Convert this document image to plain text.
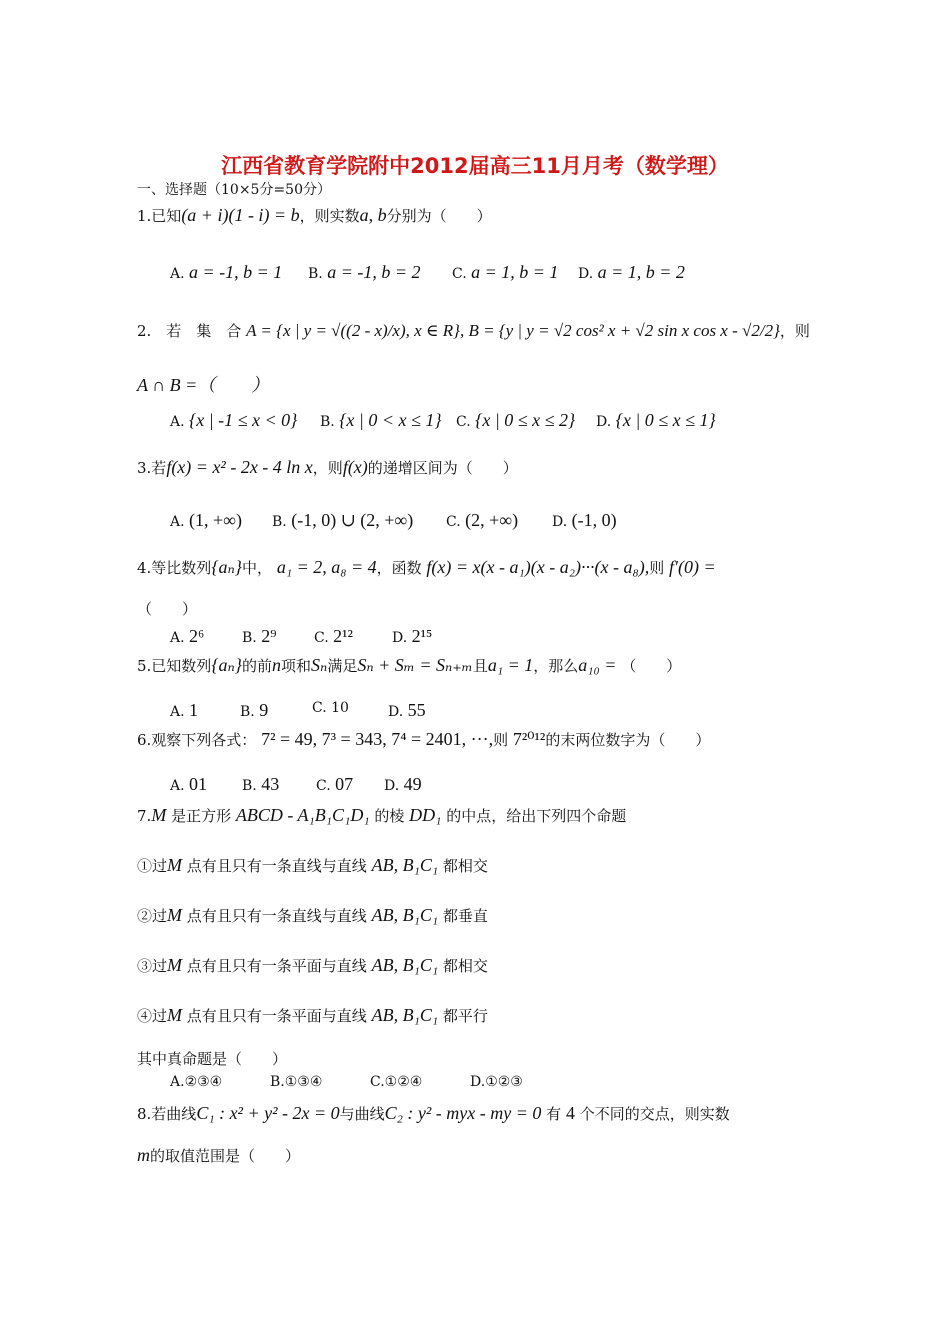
江西省教育学院附中2012届高三11月月考（数学理）
一、选择题（10×5分=50分）
1.已知(a + i)(1 - i) = b，则实数a, b分别为（　　）
A. a = -1, b = 1 B. a = -1, b = 2 C. a = 1, b = 1 D. a = 1, b = 2
2.　若　集　合 A = {x | y = √((2 - x)/x), x ∈ R}, B = {y | y = √2 cos² x + √2 sin x cos x - √2/2}，则
A ∩ B =（　　）
A. {x | -1 ≤ x < 0} B. {x | 0 < x ≤ 1} C. {x | 0 ≤ x ≤ 2} D. {x | 0 ≤ x ≤ 1}
3.若f(x) = x² - 2x - 4 ln x，则f(x)的递增区间为（　　）
A. (1, +∞) B. (-1, 0) ∪ (2, +∞) C. (2, +∞) D. (-1, 0)
4.等比数列{aₙ}中， a₁ = 2, a₈ = 4，函数 f(x) = x(x - a₁)(x - a₂)···(x - a₈),则 f′(0) =
（　　）
A. 2⁶	B. 2⁹	C. 2¹²	D. 2¹⁵
5.已知数列{aₙ}的前n项和Sₙ满足Sₙ + Sₘ = Sₙ₊ₘ且a₁ = 1，那么a₁₀ = （　　）
A. 1	B. 9	C. 10	D. 55
6.观察下列各式： 7² = 49, 7³ = 343, 7⁴ = 2401, ···,则 7²⁰¹²的末两位数字为（　　）
A. 01 B. 43	C. 07 D. 49
7.M 是正方形 ABCD - A₁B₁C₁D₁ 的棱 DD₁ 的中点，给出下列四个命题
①过M 点有且只有一条直线与直线 AB, B₁C₁ 都相交
②过M 点有且只有一条直线与直线 AB, B₁C₁ 都垂直
③过M 点有且只有一条平面与直线 AB, B₁C₁ 都相交
④过M 点有且只有一条平面与直线 AB, B₁C₁ 都平行
其中真命题是（　　）
A.②③④	B.①③④	C.①②④	D.①②③
8.若曲线C₁ : x² + y² - 2x = 0与曲线C₂ : y² - myx - my = 0 有 4 个不同的交点，则实数
m的取值范围是（　　）
